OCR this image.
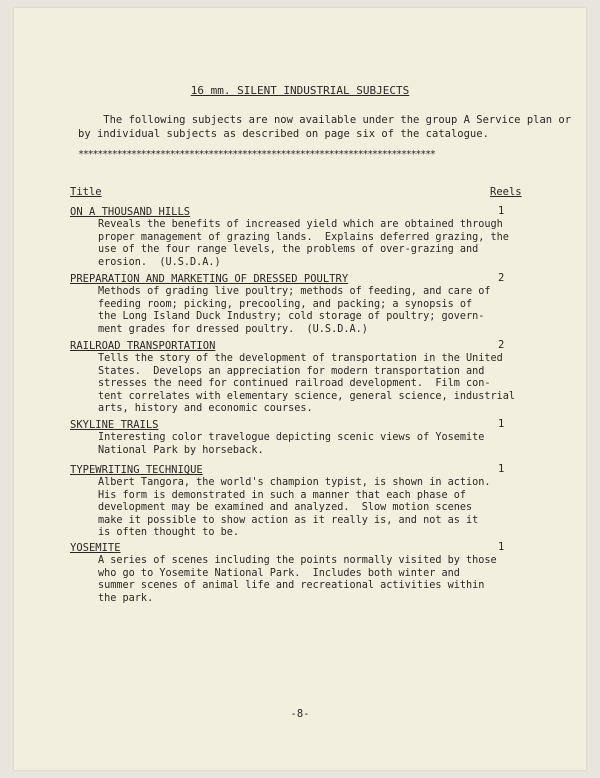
16 mm. SILENT INDUSTRIAL SUBJECTS
The following subjects are now available under the group A Service plan or
by individual subjects as described on page six of the catalogue.
**************************************************************************
Title	Reels
ON A THOUSAND HILLS
Reveals the benefits of increased yield which are obtained through
proper management of grazing lands.  Explains deferred grazing, the
use of the four range levels, the problems of over-grazing and
erosion.  (U.S.D.A.)
1
PREPARATION AND MARKETING OF DRESSED POULTRY
Methods of grading live poultry; methods of feeding, and care of
feeding room; picking, precooling, and packing; a synopsis of
the Long Island Duck Industry; cold storage of poultry; govern-
ment grades for dressed poultry.  (U.S.D.A.)
2
RAILROAD TRANSPORTATION
Tells the story of the development of transportation in the United
States.  Develops an appreciation for modern transportation and
stresses the need for continued railroad development.  Film con-
tent correlates with elementary science, general science, industrial
arts, history and economic courses.
2
SKYLINE TRAILS
Interesting color travelogue depicting scenic views of Yosemite
National Park by horseback.
1
TYPEWRITING TECHNIQUE
Albert Tangora, the world's champion typist, is shown in action.
His form is demonstrated in such a manner that each phase of
development may be examined and analyzed.  Slow motion scenes
make it possible to show action as it really is, and not as it
is often thought to be.
1
YOSEMITE
A series of scenes including the points normally visited by those
who go to Yosemite National Park.  Includes both winter and
summer scenes of animal life and recreational activities within
the park.
1
-8-
